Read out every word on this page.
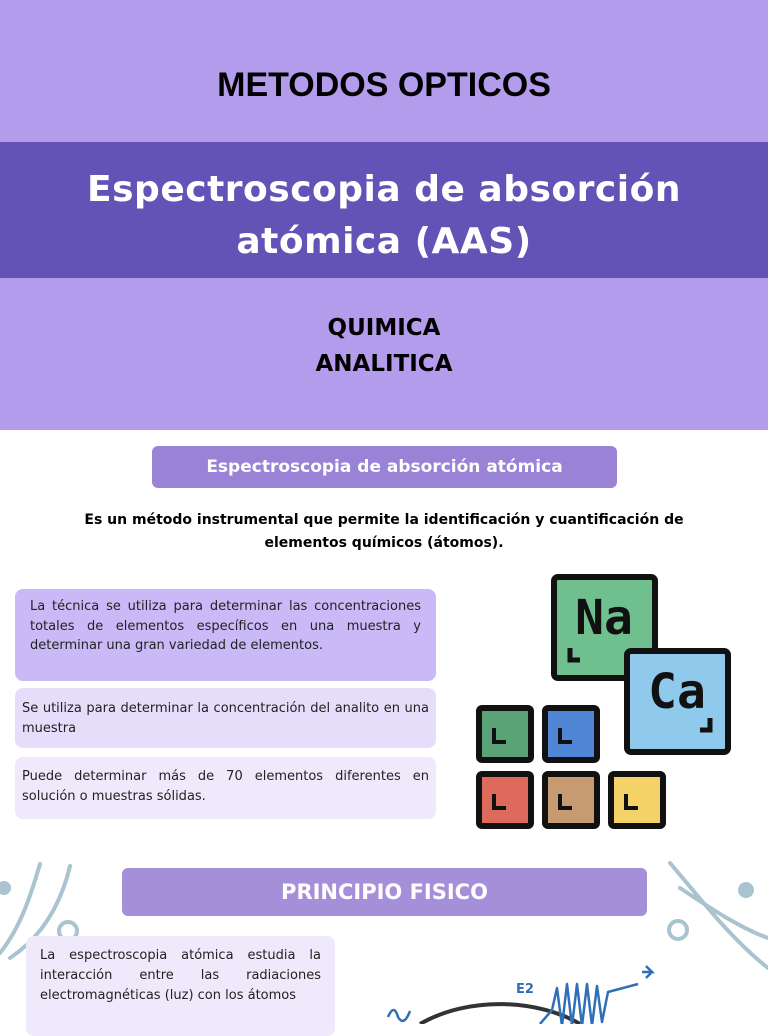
METODOS OPTICOS
Espectroscopia de absorción atómica (AAS)
QUIMICA
ANALITICA
Espectroscopia de absorción atómica
Es un método instrumental que permite la identificación y cuantificación de elementos químicos (átomos).
La técnica se utiliza para determinar las concentraciones totales de elementos específicos en una muestra y determinar una gran variedad de elementos.
Se utiliza para determinar la concentración del analito en una muestra
Puede determinar más de 70 elementos diferentes en solución o muestras sólidas.
Na
Ca
PRINCIPIO FISICO
La espectroscopia atómica estudia la interacción entre las radiaciones electromagnéticas (luz) con los átomos	E2
